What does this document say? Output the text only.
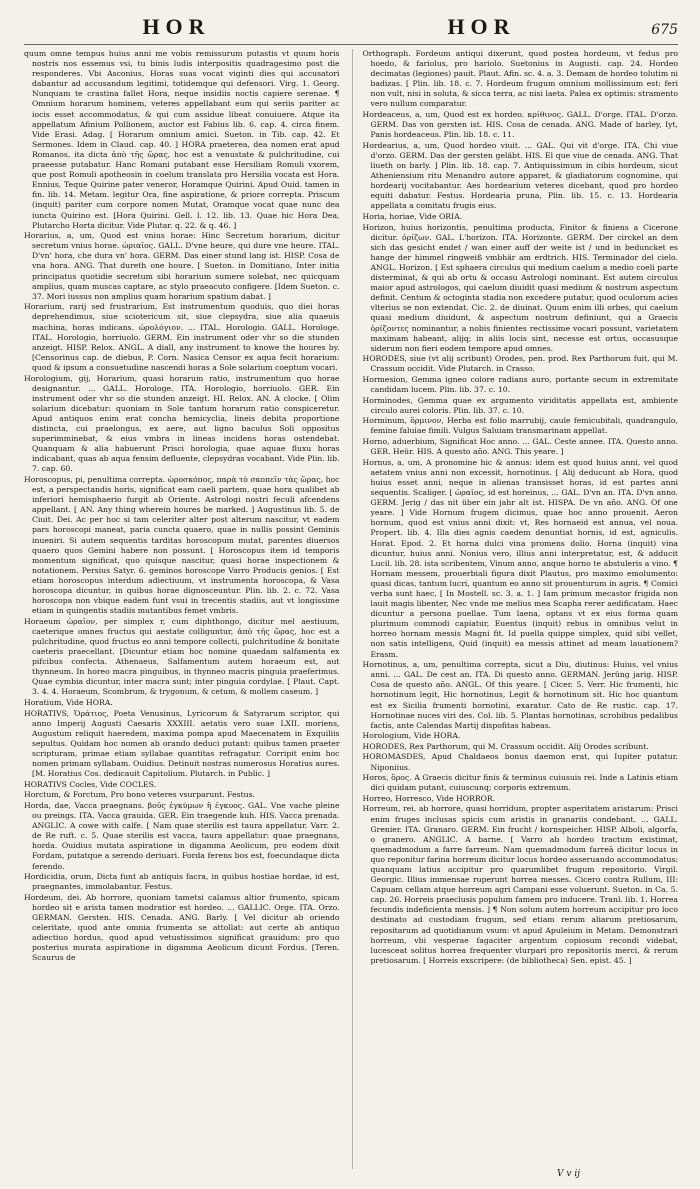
HOR	HOR	675

quum omne tempus huius anni me vobis remissurum putastis vt quum horis nostris nos essemus vsi, tu binis ludis interpositis quadragesimo post die responderes. Vbi Asconius, Horas suas vocat viginti dies qui accusatori dabantur ad accusandum legitimi, totidemque qui defensori. Virg. 1. Georg. Nunquam te crastina fallet Hora, neque insidiis noctis capiere serenae. ¶ Omnium horarum hominem, veteres appellabant eum qui seriis pariter ac iocis esset accommodatus, & qui cum assidue libeat conuiuere. Atque ita appellatum Afinium Pollionem, auctor est Fabius lib. 6. cap. 4. circa finem. Vide Erasi. Adag. [ Horarum omnium amici. Sueton. in Tib. cap. 42. Et Sermones. Idem in Claud. cap. 40. ] HORA praeterea, dea nomen erat apud Romanos, ita dicta ἀπὸ τῆς ὥρας, hoc est a venustate & pulchritudine, cui praeesse putabatur. Hanc Romani putabant esse Hersiliam Romuli vxorem, que post Romuli apotheosin in coelum translata pro Hersilia vocata est Hora. Ennius, Teque Quirine pater veneror, Horamque Quirini. Apud Ouid. tamen in fin. lib. 14. Metam. legitur Ora, fine aspiratione, & priore correpta. Priscum (inquit) pariter cum corpore nomen Mutat, Oramque vocat quae nunc dea iuncta Quirino est. [Hora Quirini. Gell. l. 12. lib. 13. Quae hic Hora Dea, Plutarcho Horta dicitur. Vide Plutar. q. 22. & q. 46. ]

Horarius, a, um, Quod est vnius horae: Hinc Secretum horarium, dicitur secretum vnius horae. ὡριαῖος. GALL. D'vne heure, qui dure vne heure. ITAL. D'vn' hora, che dura vn' hora. GERM. Das einer stund lang ist. HISP. Cosa de vna hora. ANG. That dureth one houre. [ Sueton. in Domitiano, Inter initia principatus quotidie secretum sibi horarium sumere solebat, nec quicquam amplius, quam muscas captare, ac stylo praeacuto configere. [Idem Sueton. c. 37. Mori iussus non amplius quam horarium spatium dabat. ]

Horarium, rarij sed frustrarium, Est instrumentum quoduis, quo diei horas deprehendimus, siue sciotericum sit, siue clepsydra, siue alia quaeuis machina, horas indicans. ὡρολόγιον. ... ITAL. Horologio. GALL. Horologe. ITAL. Horologio, horriuolo. GERM. Ein instrument oder vhr so die stunden anzeigt. HISP. Relox. ANGL. A diall, any instrument to knowe the houres by. [Censorinus cap. de diebus, P. Corn. Nasica Censor ex aqua fecit horarium: quod & ipsum a consuetudine nascendi horas a Sole solarium coeptum vocari.

Horologium, gij, Horarium, quasi horarum ratio, instrumentum quo horae designantur. ... GALL. Horologe. ITA. Horologio, horriuolo. GER. Ein instrument oder vhr so die stunden anzeigt. HI. Relox. AN. A clocke. [ Olim solarium dicebatur: quoniam in Sole tantum horarum ratio conspiceretur. Apud antiquos enim erat concha hemicyclia, lineis debita proportione distincta, cui praelongus, ex aere, aut ligno baculus Soli oppositus superimminebat, & eius vmbra in lineas incidens horas ostendebat. Quanquam & alia habuerunt Prisci horologia, quae aquae fluxu horas indicabant, quas ab aqua fensim defluente, clepsydras vocabant. Vide Plin. lib. 7. cap. 60.

Horoscopus, pi, penultima correpta. ὡροσκόπος, παρὰ τὸ σκοπεῖν τὰς ὥρας, hoc est, a perspectandis horis, significat eam caeli partem, quae hora qualibet ab inferiori hemisphaerio furgit ab Oriente. Astrologi nostri feculi afcendens appellant. [ AN. Any thing wherein houres be marked. ] Augustinus lib. 5. de Ciuit. Dei. Ac per hoc si tam celeriter alter post alterum nascitur, vt eadem pars horoscopi maneat, paria cuncta quaero, quae in nullis possint Geminis inueniri. Si autem sequentis tarditas horoscopum mutat, parentes diuersos quaero quos Gemini habere non possunt. [ Horoscopus item id temporis momentum significat, quo quisque nascitur, quasi horae inspectionem & notationem. Persius Satyr. 6. geminos horoscope Varro Producis genios. [ Est etiam horoscopus interdum adiectiuum, vt instrumenta horoscopa, & Vasa horoscopa dicuntur, in quibus horae dignosceuntur. Plin. lib. 2. c. 72. Vasa horoscopa non vbique eadem funt vsui in trecentis stadiis, aut vt longissime etiam in quingentis stadiis mutantibus femet vmbris.

Horaeum ὡραῖον, per simplex r, cum diphthongo, dicitur mel aestiuum, caeterique omnes fructus qui aestate colliguntur, ἀπὸ τῆς ὥρας, hoc est a pulchritudine, quod fructus eo anni tempore collecti, pulchritudine & bonitate caeteris praecellant. [Dicuntur etiam hoc nomine quaedam salfamenta ex pifcibus confecta. Athenaeus, Salfamentum autem horaeum est, aut thynneum. In horeo macra pinguibus, in thynneo macris pinguia praeferimus. Quae cymbia dicuntur, inter macra sunt; inter pinguia cordylae. [ Plaut. Capt. 3. 4. 4. Horaeum, Scombrum, & trygonum, & cetum, & mollem caseum. ]

Horatium, Vide HORA.

HORATIVS, Ὁράτιος, Poeta Venusinus, Lyricorum & Satyrarum scriptor, qui anno Imperij Augusti Caesaris XXXIII. aetatis vero suae LXII. moriens, Augustum reliquit haeredem, maxima pompa apud Maecenatem in Exquiliis sepultus. Quidam hoc nomen ab orando deduci putant: quibus tamen praeter scripturam, primae etiam syllabae quantitas refragatur. Corripit enim hoc nomen primam syllabam. Ouidius. Detinuit nostras numerosus Horatius aures. [M. Horatius Cos. dedicauit Capitolium. Plutarch. in Public. ]

HORATIVS Cocles, Vide COCLES.

Horctum, & Forctum, Pro bono veteres vsurparunt. Festus.

Horda, dae, Vacca praegnans. βοῦς ἐγκύμων ἢ ἐγκυος. GAL. Vne vache pleine ou preings. ITA. Vacca grauida. GER. Ein traegende kuh. HIS. Vacca prenada. ANGLIC. A cowe with calfe. [ Nam quae sterilis est taura appellatur. Varr. 2. de Re ruft. c. 5. Quae sterilis est vacca, taura appellatur: quae praegnans, horda. Ouidius mutata aspiratione in digamma Aeolicum, pro eodem dixit Fordam, putatque a serendo deriuari. Forda ferens bos est, foecundaque dicta ferendo.

Hordicidia, orum, Dicta funt ab antiquis facra, in quibus hostiae hordae, id est, praegnantes, immolabantur. Festus.

Hordeum, dei. Ab horrore, quoniam tametsi calamus altior frumento, spicam hordeo sit e arista tamen modratior est hordeo. ... GALLIC. Orge. ITA. Orzo. GERMAN. Gersten. HIS. Cenada. ANG. Barly. [ Vel dicitur ab oriendo celeritate, quod ante omnia frumenta se attollat: aut certe ab antiquo adiectiuo hordus, quod apud vetustissimos significat grauidum: pro quo posterius murata aspiratione in digamma Aeolicum dicunt Fordus. [Teren. Scaurus de

Orthograph. Fordeum antiqui dixerunt, quod postea hordeum, vt fedus pro hoedo, & fariolus, pro hariolo. Suetonius in Augusti. cap. 24. Hordeo decimatas (legiones) pauit. Plaut. Afin. sc. 4. a. 3. Demam de hordeo tolutim ni badizas. [ Plin. lib. 18. c. 7. Hordeum frugum omnium mollissimum est: feri non vult, nisi in soluta, & sicca terra, ac nisi laeta. Palea ex optimis: stramento vero nullum comparatur.

Hordeaceus, a, um, Quod est ex hordeo. κρίθινος. GALL. D'orge. ITAL. D'orzo. GERM. Das von gersten ist. HIS. Cosa de cenada. ANG. Made of barley, Iyt, Panis hordeaceus. Plin. lib. 18. c. 11.

Hordearius, a, um, Quod hordeo viuit. ... GAL. Qui vit d'orge. ITA. Chi viue d'orzo. GERM. Das der gersten geläbt. HIS. El que viue de cenada. ANG. That liueth on barly. ] Plin. lib. 18. cap. 7. Antiquissimum in cibis hordeum, sicut Atheniensium ritu Menandro autore apparet, & gladiatorum cognomine, qui hordearij vocitabantur. Aes hordearium veteres dicebant, quod pro hordeo equiti dabatur. Festus. Hordearia pruna, Plin. lib. 15. c. 13. Hordearia appellata a comitatu frugis eius.

Horia, horiae, Vide ORIA.

Horizon, huius horizontis, penultima producta, Finitor & finiens a Cicerone dicitur. ὁρίζων. GAL. L'horizon. ITA. Horizonte. GERM. Der circkel an dem sich das gesicht endet / wan einer auff der weite ist / und in beduncket es hange der himmel ringweiß vmbhär am erdtrich. HIS. Terminador del cielo. ANGL. Horizon. [ Est sphaera circulus qui medium caelum a medio coeli parte disterminat, & qui ab ortu & occasu Astrologi nominant. Est autem circulus maior apud astrologos, qui caelum diuidit quasi medium & nostrum aspectum definit. Centum & octoginta stadia non excedere putatur, quod oculorum acies vlterius se non extendat. Cic. 2. de diuinat. Quum enim illi orbes, qui caelum quasi medium diuidunt, & aspectum nostrum definiunt, qui a Graecis ὁρίζοντες nominantur, a nobis finientes rectissime vocari possunt, varietatem maximam habeant, alijq; in aliis locis sint, necesse est ortus, occasusque siderum non fieri eodem tempore apud omnes.

HORODES, siue (vt alij scribunt) Orodes, pen. prod. Rex Parthorum fuit, qui M. Crassum occidit. Vide Plutarch. in Crasso.

Hormesion, Gemma igneo colore radians auro, portante secum in extremitate candidam lucem. Plin. lib. 37. c. 10.

Horminodes, Gemma quae ex argumento viriditatis appellata est, ambiente circulo aurei coloris. Plin. lib. 37. c. 10.

Horminum, ὅρμινον, Herba est folio marrubij, caule femicubitali, quadrangulo, femine faluiae fimili. Vulgus Saluiam transmarinam appellat.

Horno, aduerbium, Significat Hoc anno. ... GAL. Ceste annee. ITA. Questo anno. GER. Heür. HIS. A questo año. ANG. This yeare. ]

Hornus, a, um, A pronomine hic & annus: idem est quod huius anni, vel quod aetatem vnius anni non excessit, hornotinus. [ Alij deducunt ab Hora, quod huius esset anni, neque in alienas transisset horas, id est partes anni sequentis. Scaliger. [ ὡραῖος, id est horeinus, ... GAL. D'vn an. ITA. D'vn anno. GERM. Jerig / das nit über ein jahr alt ist. HISPA. De vn año. ANG. Of one yeare. ] Vide Hornum frugem dicimus, quae hoc anno prouenit. Aeron hornum, quod est vnius anni dixit: vt, Res hornaeid est annua, vel noua. Propert. lib. 4. Illa dies agnis caedem denuntiat hornis, id est, agniculis. Horat. Epod. 2. Et horna dulci vina promens dolio. Horna (inquit) vina dicuntur, huius anni. Nonius vero, illius anni interpretatur, est, & adducit Lucil. lib. 28. ista scribentem, Vinum anno, anque horno te abstuleris a vino. ¶ Hornam messem, prouerbiali figura dixit Plautus, pro maximo emolumento: quasi dicas, tantum lucri, quantum eo anno sit prouenturum in agris. ¶ Comici verba sunt haec, [ In Mostell. sc. 3. a. 1. ] Iam primum mecastor frigida non lauit magis libenter, Nec vnde me melius mea Scapha rerer aedificatam. Haec dicuntur a persona puellae. Tum laena, optans vt ex eius forma quam plurimum commodi capiatur, Euentus (inquit) rebus in omnibus velut in horreo hornam messis Magni fit. Id puella quippe simplex, quid sibi vellet, non satis intelligens, Quid (inquit) ea messis attinet ad meam lauationem? Erasm.

Hornotinus, a, um, penultima correpta, sicut a Diu, diutinus: Huius, vel vnius anni. ... GAL. De cest an. ITA. Di questo anno. GERMAN. Jerüng jarig. HISP. Cosa de questo año. ANGL. Of this yeare. [ Cicer. 5. Verr. Hic frumenti, hic hornotinum legit, Hic hornotinus, Legit & hornotinum sit. Hic hoc quantum est ex Sicilia frumenti hornotini, exaratur. Cato de Re rustic. cap. 17. Hornotinae nuces viri des. Col. lib. 5. Plantas hornotinas, scrobibus pedalibus factis, ante Calendas Martij dispofitas habeas.

Horologium, Vide HORA.

HORODES, Rex Parthorum, qui M. Crassum occidit. Alij Orodes scribunt.

HOROMASDES, Apud Chaldaeos bonus daemon erat, qui Iupiter putatur. Niponiius.

Horos, ὅρος. A Graecis dicitur finis & terminus cuiusuis rei. Inde a Latinis etiam dici quidam putant, cuiuscunq; corporis extremum.

Horreo, Horresco, Vide HORROR.

Horreum, rei, ab horrore, quasi horridum, propter asperitatem aristarum: Prisci enim fruges inclusas spicis cum aristis in granariis condebant. ... GALL. Grenier. ITA. Granaro. GERM. Ein frucht / kornspeicher. HISP. Alboli, algorfa, o granero. ANGLIC. A barne. [ Varro ab hordeo tractum existimat, quemadmodum a farre farreum. Nam quemadmodum farreā dicitur locus in quo reponitur farina horreum dicitur locus hordeo asseruando accommodatus: quanquam latius accipitur pro quarumlibet frugum repositorio. Virgil. Georgic. Illius immensae ruperunt horrea messes. Cicero contra Rullum, III: Capuam cellam atque horreum agri Campani esse voluerunt. Sueton. in Ca. 5. cap. 26. Horreis praeclusis populum famem pro inducere. Tranl. lib. 1. Horrea fecundis indeficienta mensis. ] ¶ Non solum autem horreum accipitur pro loco destinato ad custodiam frugum, sed etiam rerum aliarum pretiosarum, repositarum ad quotidianum vsum: vt apud Apuleium in Metam. Demonstrari horreum, vbi vesperae fagaciter argentum copiosum recondi videbat, lucesceat solitus horrea frequenter vlurpari pro repositoriis merci, & rerum pretiosarum. [ Horreis exscripere: (de bibliotheca) Sen. epist. 45. ]

V v ij
